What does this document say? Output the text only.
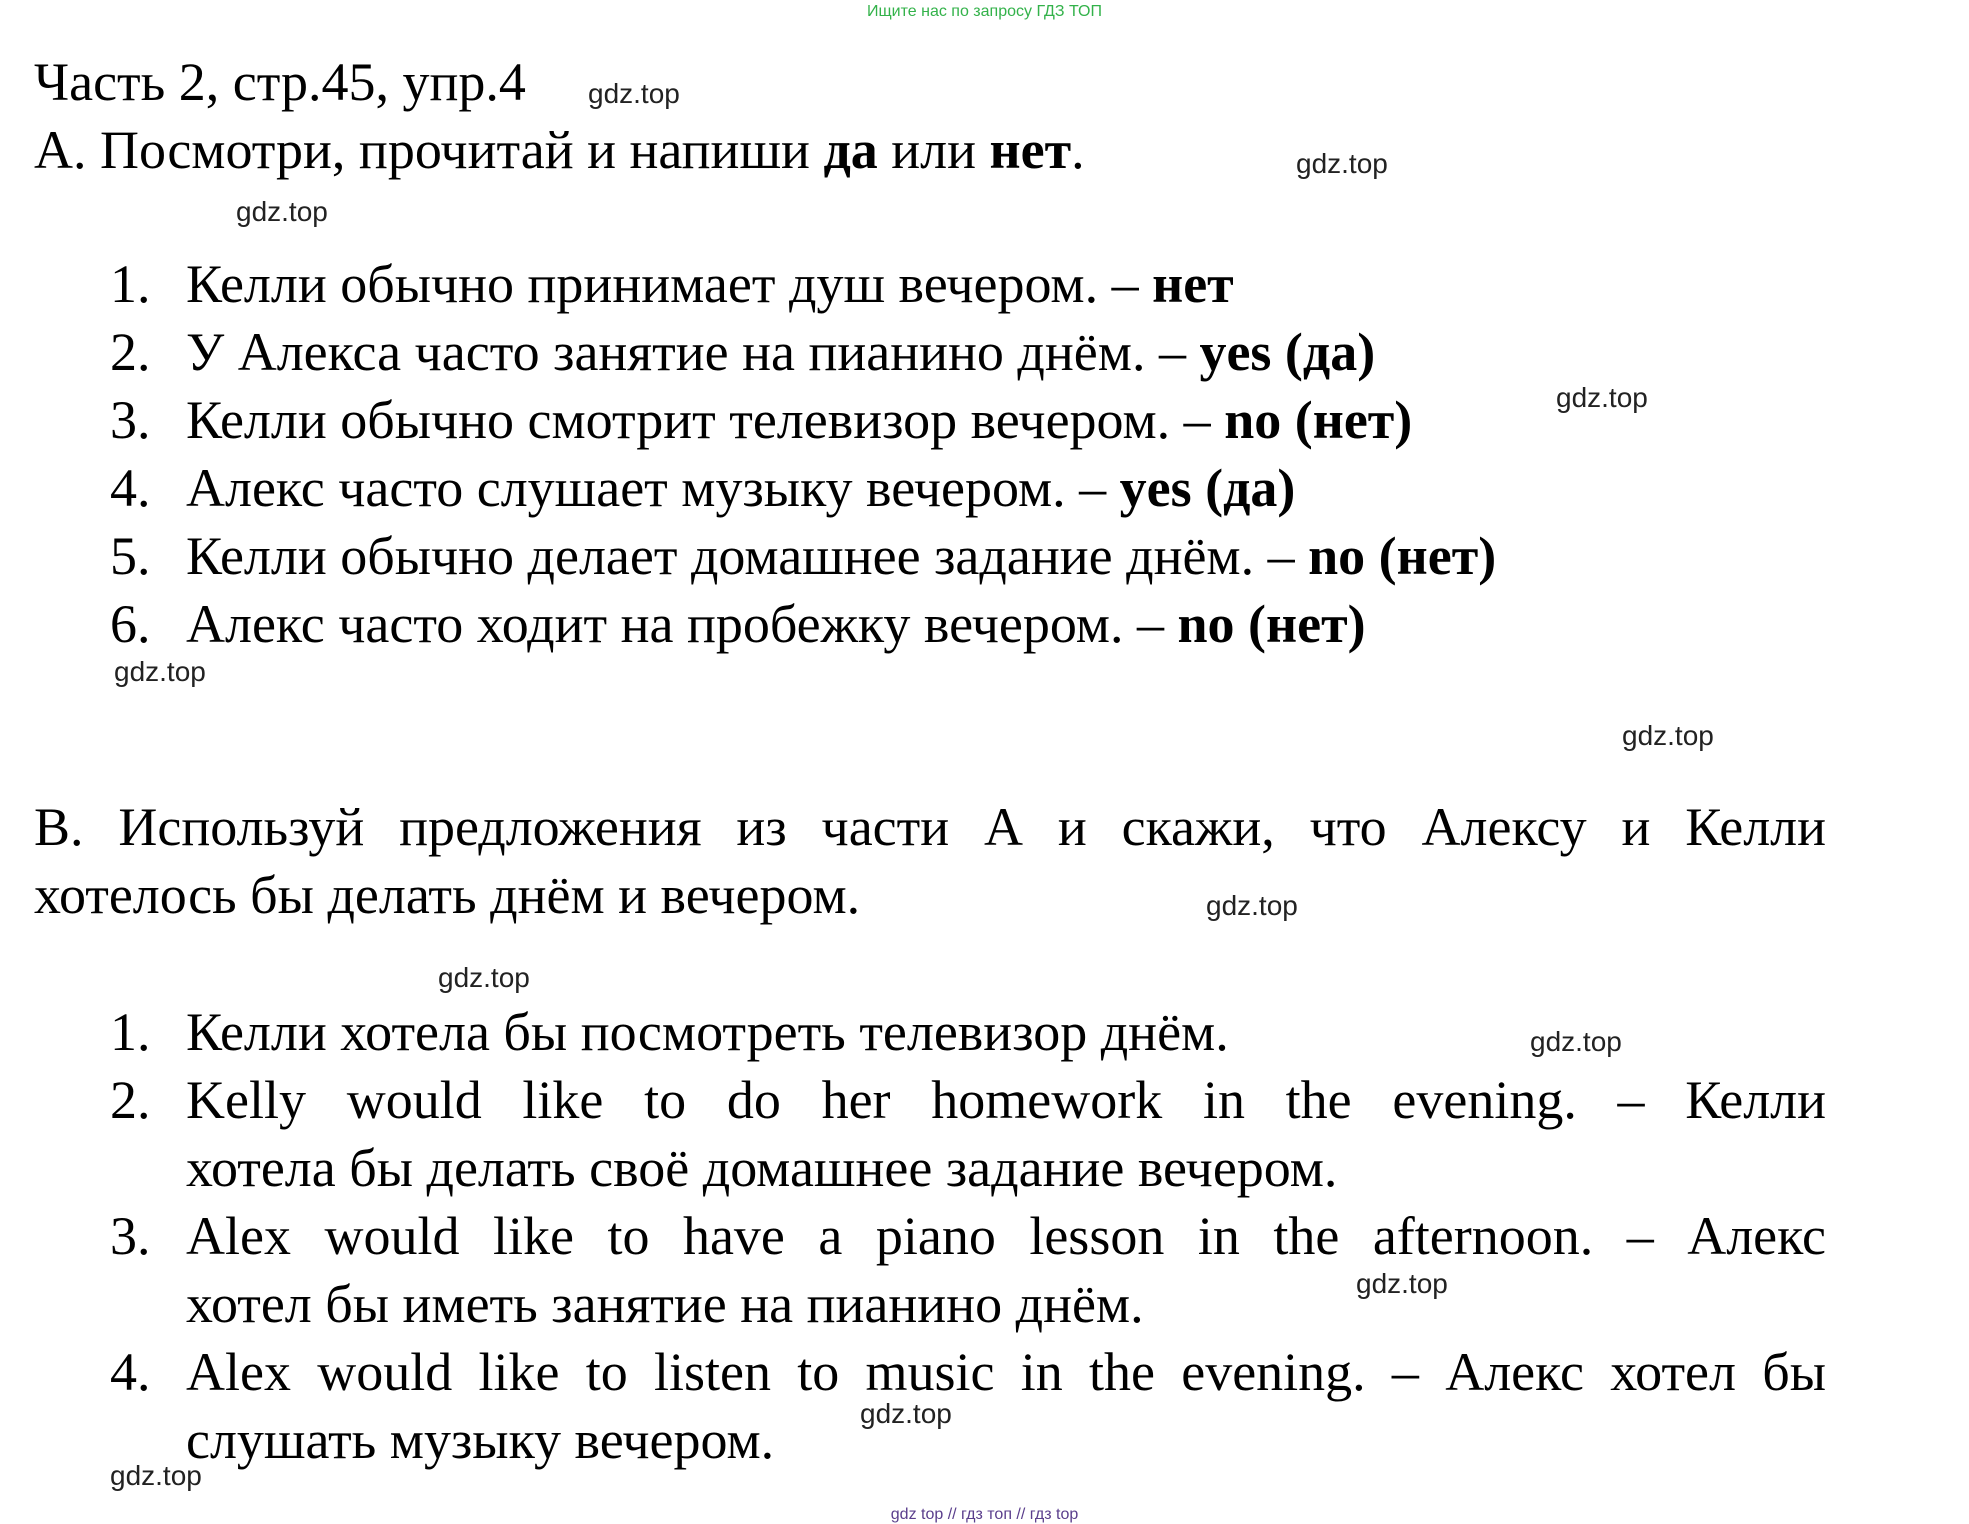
Ищите нас по запросу ГДЗ ТОП
Часть 2, стр.45, упр.4
А. Посмотри, прочитай и напиши да или нет.
1. Келли обычно принимает душ вечером. – нет
2. У Алекса часто занятие на пианино днём. – yes (да)
3. Келли обычно смотрит телевизор вечером. – no (нет)
4. Алекс часто слушает музыку вечером. – yes (да)
5. Келли обычно делает домашнее задание днём. – no (нет)
6. Алекс часто ходит на пробежку вечером. – no (нет)
В. Используй предложения из части А и скажи, что Алексу и Келли
хотелось бы делать днём и вечером.
1. Келли хотела бы посмотреть телевизор днём.
2. Kelly would like to do her homework in the evening. – Келли
хотела бы делать своё домашнее задание вечером.
3. Alex would like to have a piano lesson in the afternoon. – Алекс
хотел бы иметь занятие на пианино днём.
4. Alex would like to listen to music in the evening. – Алекс хотел бы
слушать музыку вечером.
gdz.top
gdz.top
gdz.top
gdz.top
gdz.top
gdz.top
gdz.top
gdz.top
gdz.top
gdz.top
gdz.top
gdz.top
gdz top // гдз топ // гдз top
